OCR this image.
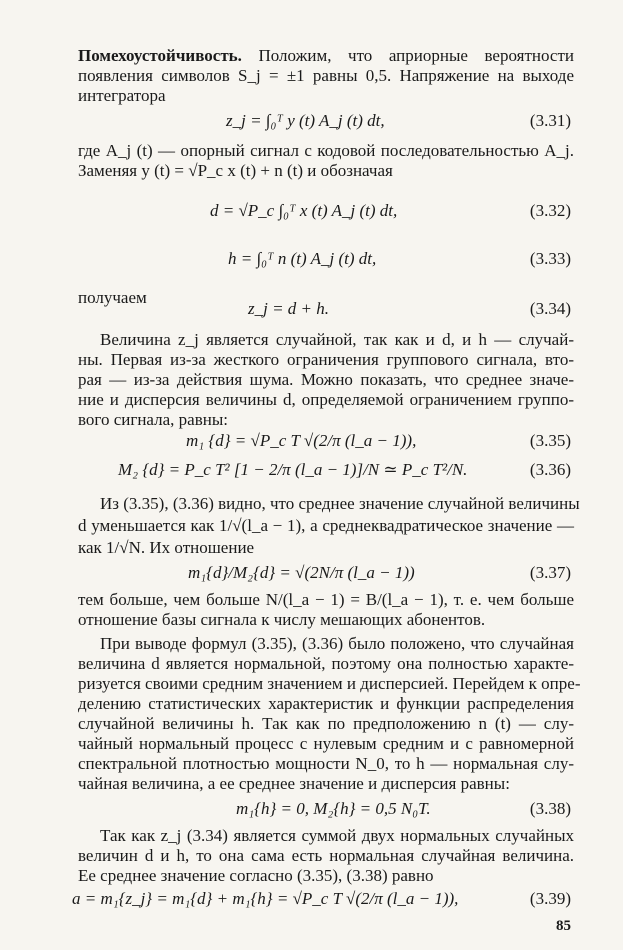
Помехоустойчивость. Положим, что априорные вероятности
появления символов S_j = ±1 равны 0,5. Напряжение на выходе
интегратора
z_j = ∫₀ᵀ y (t) A_j (t) dt,	(3.31)
где A_j (t) — опорный сигнал с кодовой последовательностью A_j.
Заменяя y (t) = √P_c x (t) + n (t) и обозначая
d = √P_c ∫₀ᵀ x (t) A_j (t) dt,	(3.32)
h = ∫₀ᵀ n (t) A_j (t) dt,	(3.33)
получаем
z_j = d + h.	(3.34)
Величина z_j является случайной, так как и d, и h — случай-
ны. Первая из-за жесткого ограничения группового сигнала, вто-
рая — из-за действия шума. Можно показать, что среднее значе-
ние и дисперсия величины d, определяемой ограничением группо-
вого сигнала, равны:
m₁ {d} = √P_c T √(2/π (l_a − 1)),	(3.35)
M₂ {d} = P_c T² [1 − 2/π (l_a − 1)]/N ≃ P_c T²/N.	(3.36)
Из (3.35), (3.36) видно, что среднее значение случайной величины
d уменьшается как 1/√(l_a − 1), а среднеквадратическое значение —
как 1/√N. Их отношение
m₁{d}/M₂{d} = √(2N/π (l_a − 1))	(3.37)
тем больше, чем больше N/(l_a − 1) = B/(l_a − 1), т. е. чем больше
отношение базы сигнала к числу мешающих абонентов.
При выводе формул (3.35), (3.36) было положено, что случайная
величина d является нормальной, поэтому она полностью характе-
ризуется своими средним значением и дисперсией. Перейдем к опре-
делению статистических характеристик и функции распределения
случайной величины h. Так как по предположению n (t) — слу-
чайный нормальный процесс с нулевым средним и с равномерной
спектральной плотностью мощности N_0, то h — нормальная слу-
чайная величина, а ее среднее значение и дисперсия равны:
m₁{h} = 0, M₂{h} = 0,5 N₀T.	(3.38)
Так как z_j (3.34) является суммой двух нормальных случайных
величин d и h, то она сама есть нормальная случайная величина.
Ее среднее значение согласно (3.35), (3.38) равно
a = m₁{z_j} = m₁{d} + m₁{h} = √P_c T √(2/π (l_a − 1)),	(3.39)
85
